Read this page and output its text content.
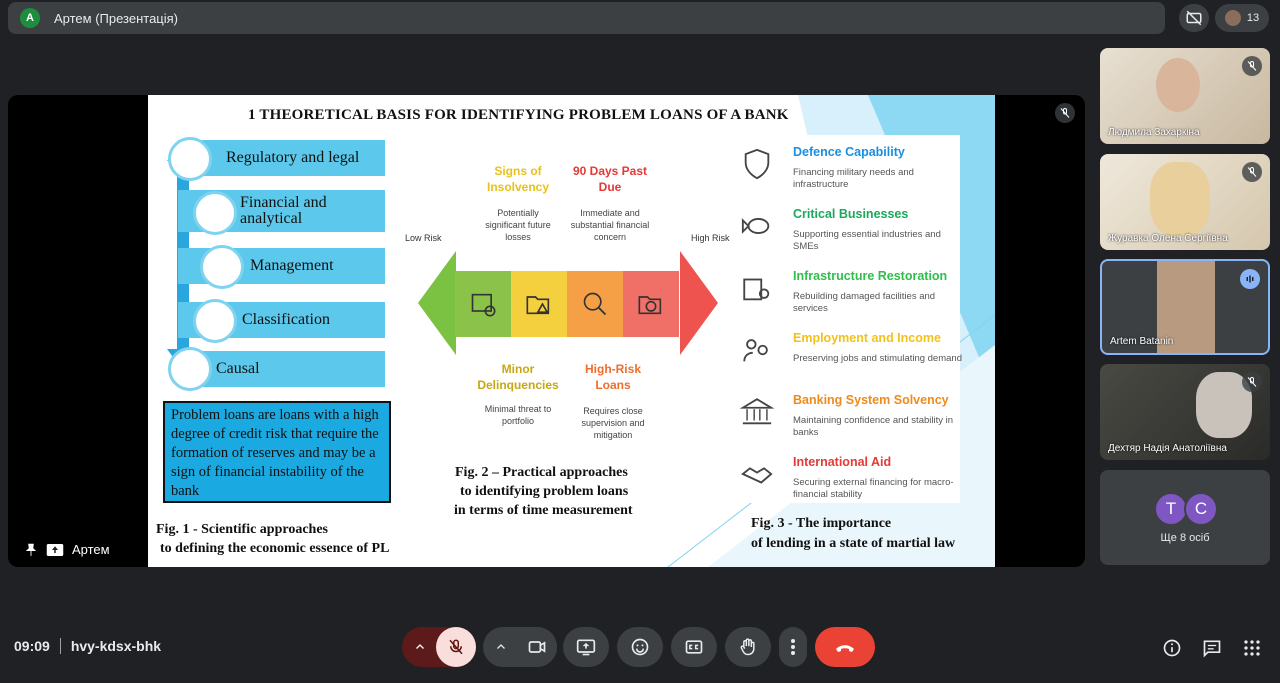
A	Артем (Презентація)	13
1 THEORETICAL BASIS FOR IDENTIFYING PROBLEM LOANS OF A BANK
Regulatory and legal
Financial and analytical
Management
Classification
Causal
Problem loans are loans with a high degree of credit risk that require the formation of reserves and may be a sign of financial instability of the bank
Fig. 1 - Scientific approaches
to defining the economic essence of PL
Signs of Insolvency
Potentially significant future losses
90 Days Past Due
Immediate and substantial financial concern
Low Risk	High Risk
Minor Delinquencies
Minimal threat to portfolio
High-Risk Loans
Requires close supervision and mitigation
Fig. 2 – Practical approaches
to identifying problem loans
in terms of time measurement
Defence Capability
Financing military needs and infrastructure
Critical Businesses
Supporting essential industries and SMEs
Infrastructure Restoration
Rebuilding damaged facilities and services
Employment and Income
Preserving jobs and stimulating demand
Banking System Solvency
Maintaining confidence and stability in banks
International Aid
Securing external financing for macro-financial stability
Fig. 3 - The importance
of lending in a state of martial law
Артем
Людмила Захаркіна
Журавка Олена Сергіївна
Artem Batanin
Дехтяр Надія Анатоліївна
T	C
Ще 8 осіб
09:09 hvy-kdsx-bhk
